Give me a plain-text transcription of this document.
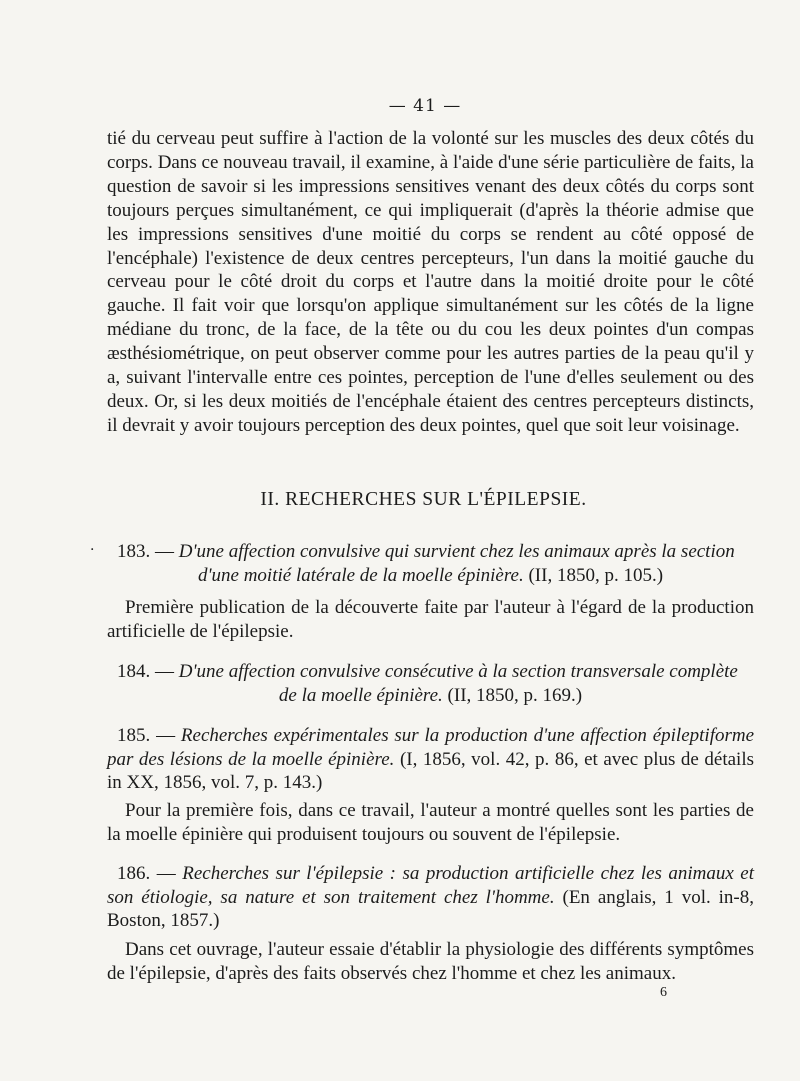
— 41 —
tié du cerveau peut suffire à l'action de la volonté sur les muscles des deux côtés du corps. Dans ce nouveau travail, il examine, à l'aide d'une série particulière de faits, la question de savoir si les impressions sensitives venant des deux côtés du corps sont toujours perçues simultanément, ce qui impliquerait (d'après la théorie admise que les impressions sensitives d'une moitié du corps se rendent au côté opposé de l'encéphale) l'existence de deux centres percepteurs, l'un dans la moitié gauche du cerveau pour le côté droit du corps et l'autre dans la moitié droite pour le côté gauche. Il fait voir que lorsqu'on applique simultanément sur les côtés de la ligne médiane du tronc, de la face, de la tête ou du cou les deux pointes d'un compas æsthésiométrique, on peut observer comme pour les autres parties de la peau qu'il y a, suivant l'intervalle entre ces pointes, perception de l'une d'elles seulement ou des deux. Or, si les deux moitiés de l'encéphale étaient des centres percepteurs distincts, il devrait y avoir toujours perception des deux pointes, quel que soit leur voisinage.
II. RECHERCHES SUR L'ÉPILEPSIE.
·	183. — D'une affection convulsive qui survient chez les animaux après la section
d'une moitié latérale de la moelle épinière. (II, 1850, p. 105.)
Première publication de la découverte faite par l'auteur à l'égard de la production artificielle de l'épilepsie.
184. — D'une affection convulsive consécutive à la section transversale complète
de la moelle épinière. (II, 1850, p. 169.)
185. — Recherches expérimentales sur la production d'une affection épileptiforme par des lésions de la moelle épinière. (I, 1856, vol. 42, p. 86, et avec plus de détails in XX, 1856, vol. 7, p. 143.)
Pour la première fois, dans ce travail, l'auteur a montré quelles sont les parties de la moelle épinière qui produisent toujours ou souvent de l'épilepsie.
186. — Recherches sur l'épilepsie : sa production artificielle chez les animaux et son étiologie, sa nature et son traitement chez l'homme. (En anglais, 1 vol. in-8, Boston, 1857.)
Dans cet ouvrage, l'auteur essaie d'établir la physiologie des différents symptômes de l'épilepsie, d'après des faits observés chez l'homme et chez les animaux.
6
